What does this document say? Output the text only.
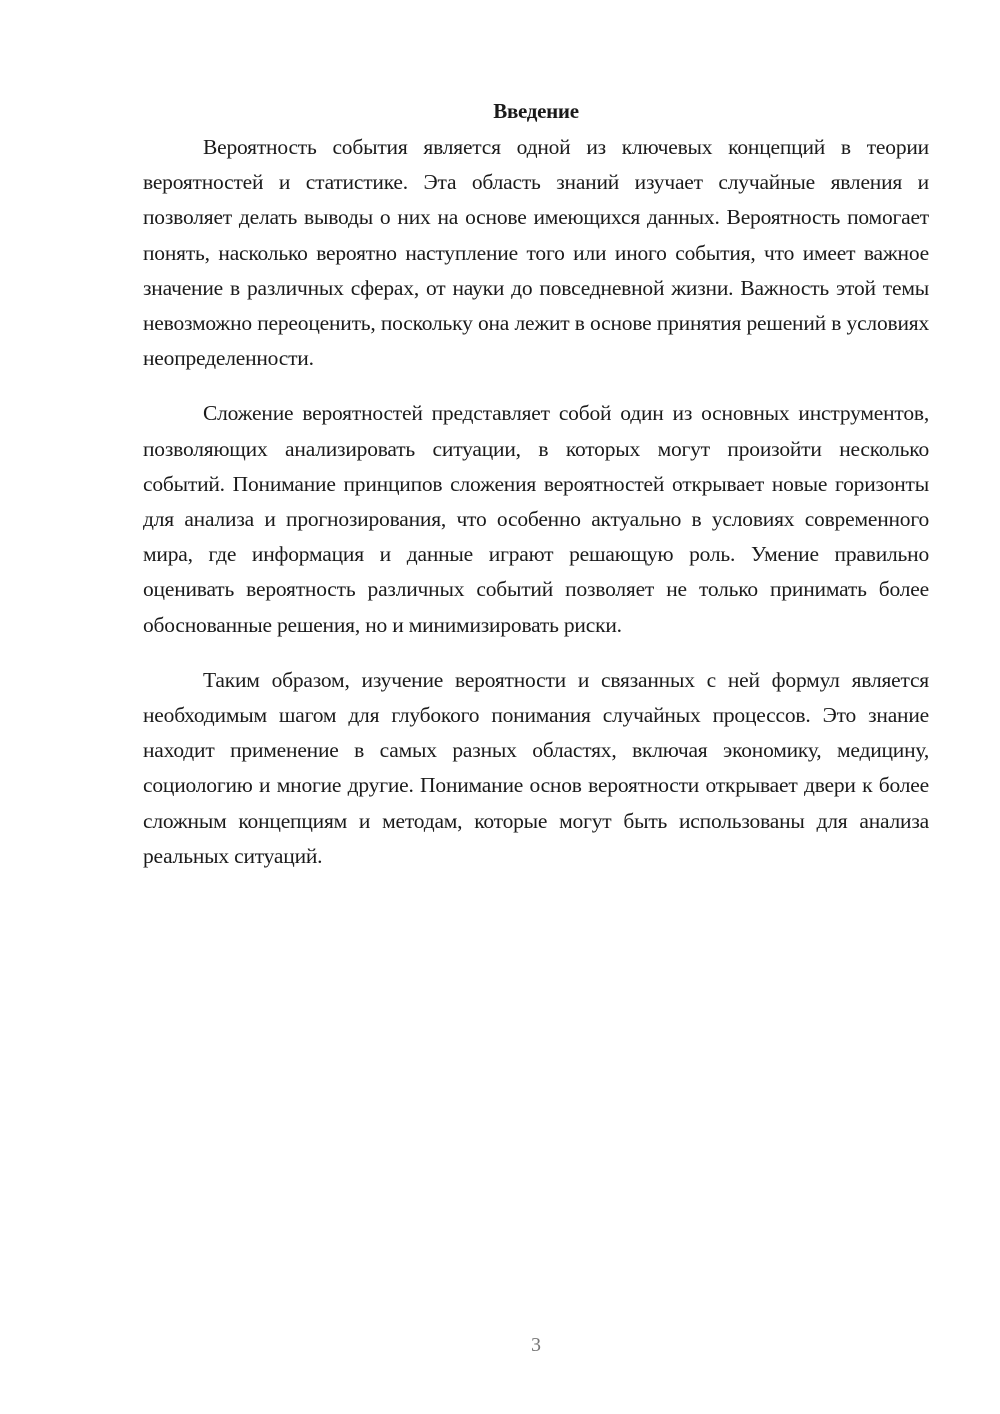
Введение

Вероятность события является одной из ключевых концепций в теории вероятностей и статистике. Эта область знаний изучает случайные явления и позволяет делать выводы о них на основе имеющихся данных. Вероятность помогает понять, насколько вероятно наступление того или иного события, что имеет важное значение в различных сферах, от науки до повседневной жизни. Важность этой темы невозможно переоценить, поскольку она лежит в основе принятия решений в условиях неопределенности.

Сложение вероятностей представляет собой один из основных инструментов, позволяющих анализировать ситуации, в которых могут произойти несколько событий. Понимание принципов сложения вероятностей открывает новые горизонты для анализа и прогнозирования, что особенно актуально в условиях современного мира, где информация и данные играют решающую роль. Умение правильно оценивать вероятность различных событий позволяет не только принимать более обоснованные решения, но и минимизировать риски.

Таким образом, изучение вероятности и связанных с ней формул является необходимым шагом для глубокого понимания случайных процессов. Это знание находит применение в самых разных областях, включая экономику, медицину, социологию и многие другие. Понимание основ вероятности открывает двери к более сложным концепциям и методам, которые могут быть использованы для анализа реальных ситуаций.

3
